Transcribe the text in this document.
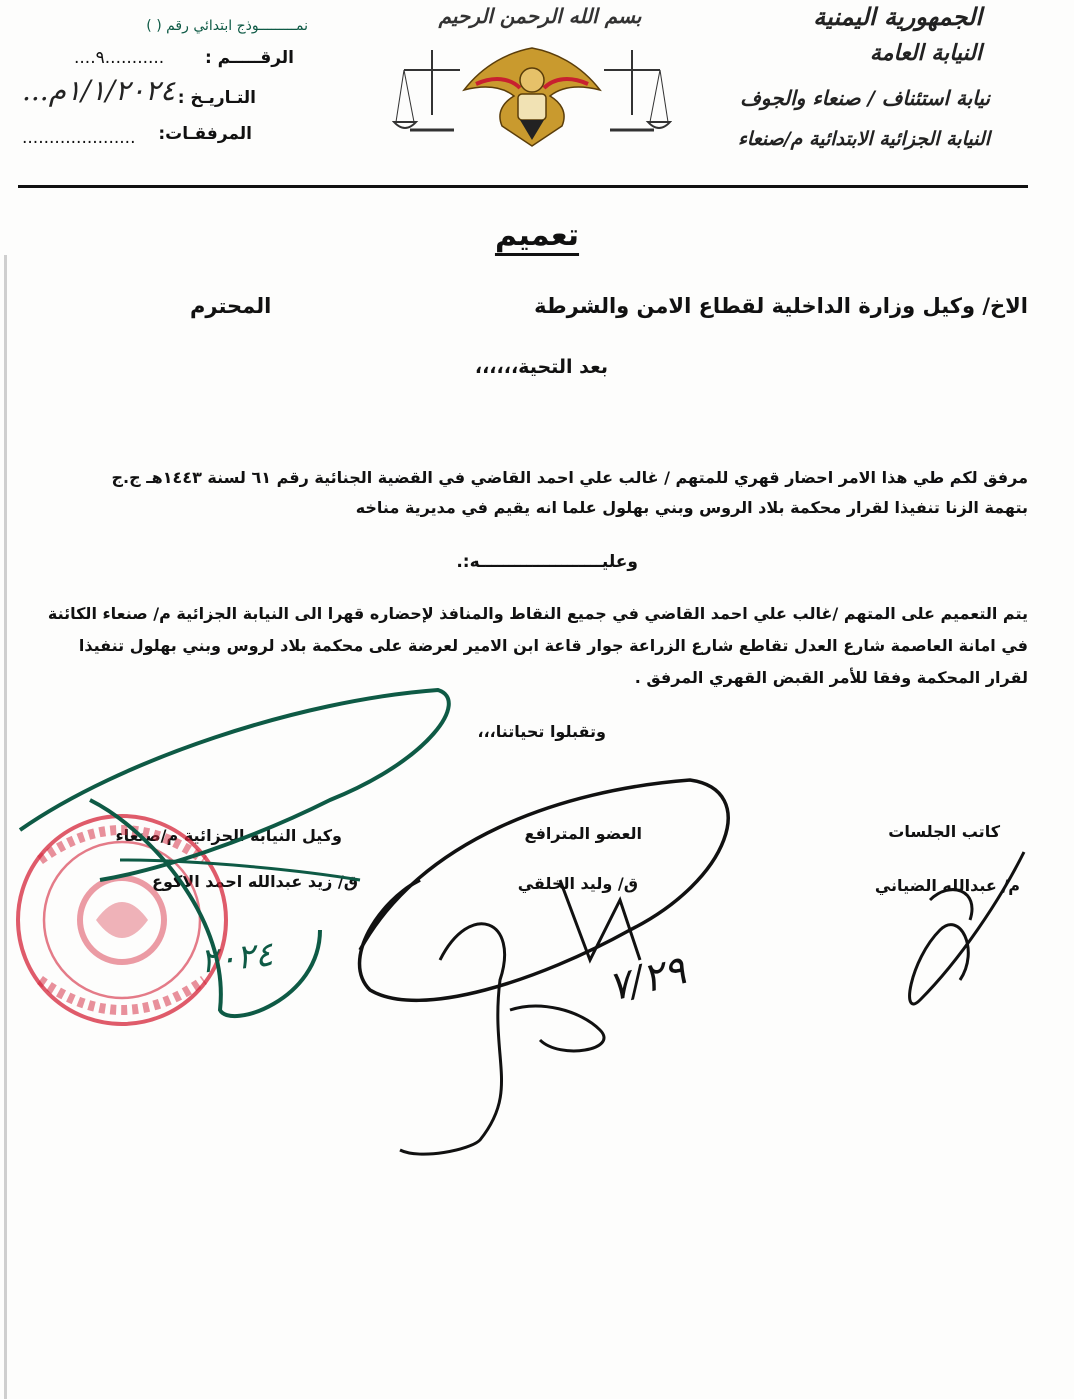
الجمهورية اليمنية
النيابة العامة
نيابة استئناف / صنعاء والجوف
النيابة الجزائية الابتدائية م/صنعاء
بسم الله الرحمن الرحيم
نمـــــــــوذج ابتدائي رقم ( )
الرقـــــم :
....٩...........
التـاريـخ :
...١/١/٢٠٢٤م
المرفقـات:
.....................
تعميم
الاخ/ وكيل وزارة الداخلية لقطاع الامن والشرطة
المحترم
بعد التحية،،،،،،
مرفق لكم طي هذا الامر احضار قهري للمتهم / غالب علي احمد القاضي في القضية الجنائية رقم ٦١ لسنة ١٤٤٣هـ ج.ج
بتهمة الزنا تنفيذا لقرار محكمة بلاد الروس وبني بهلول علما انه يقيم في مديرية مناخه
وعليـــــــــــــــــــــه:.
يتم التعميم على المتهم /غالب علي احمد القاضي في جميع النقاط والمنافذ لإحضاره قهرا الى النيابة الجزائية م/ صنعاء الكائنة
في امانة العاصمة شارع العدل تقاطع شارع الزراعة جوار قاعة ابن الامير لعرضة على محكمة بلاد لروس وبني بهلول تنفيذا
لقرار المحكمة وفقا للأمر القبض القهري المرفق .
وتقبلوا تحياتنا،،،
كاتب الجلسات
العضو المترافع
وكيل النيابة الجزائية م/صنعاء
م/ عبدالله الضياني
ق/ وليد الخلقي
ق/ زيد عبدالله احمد الاكوع
٧/٢٩
٢٠٢٤
